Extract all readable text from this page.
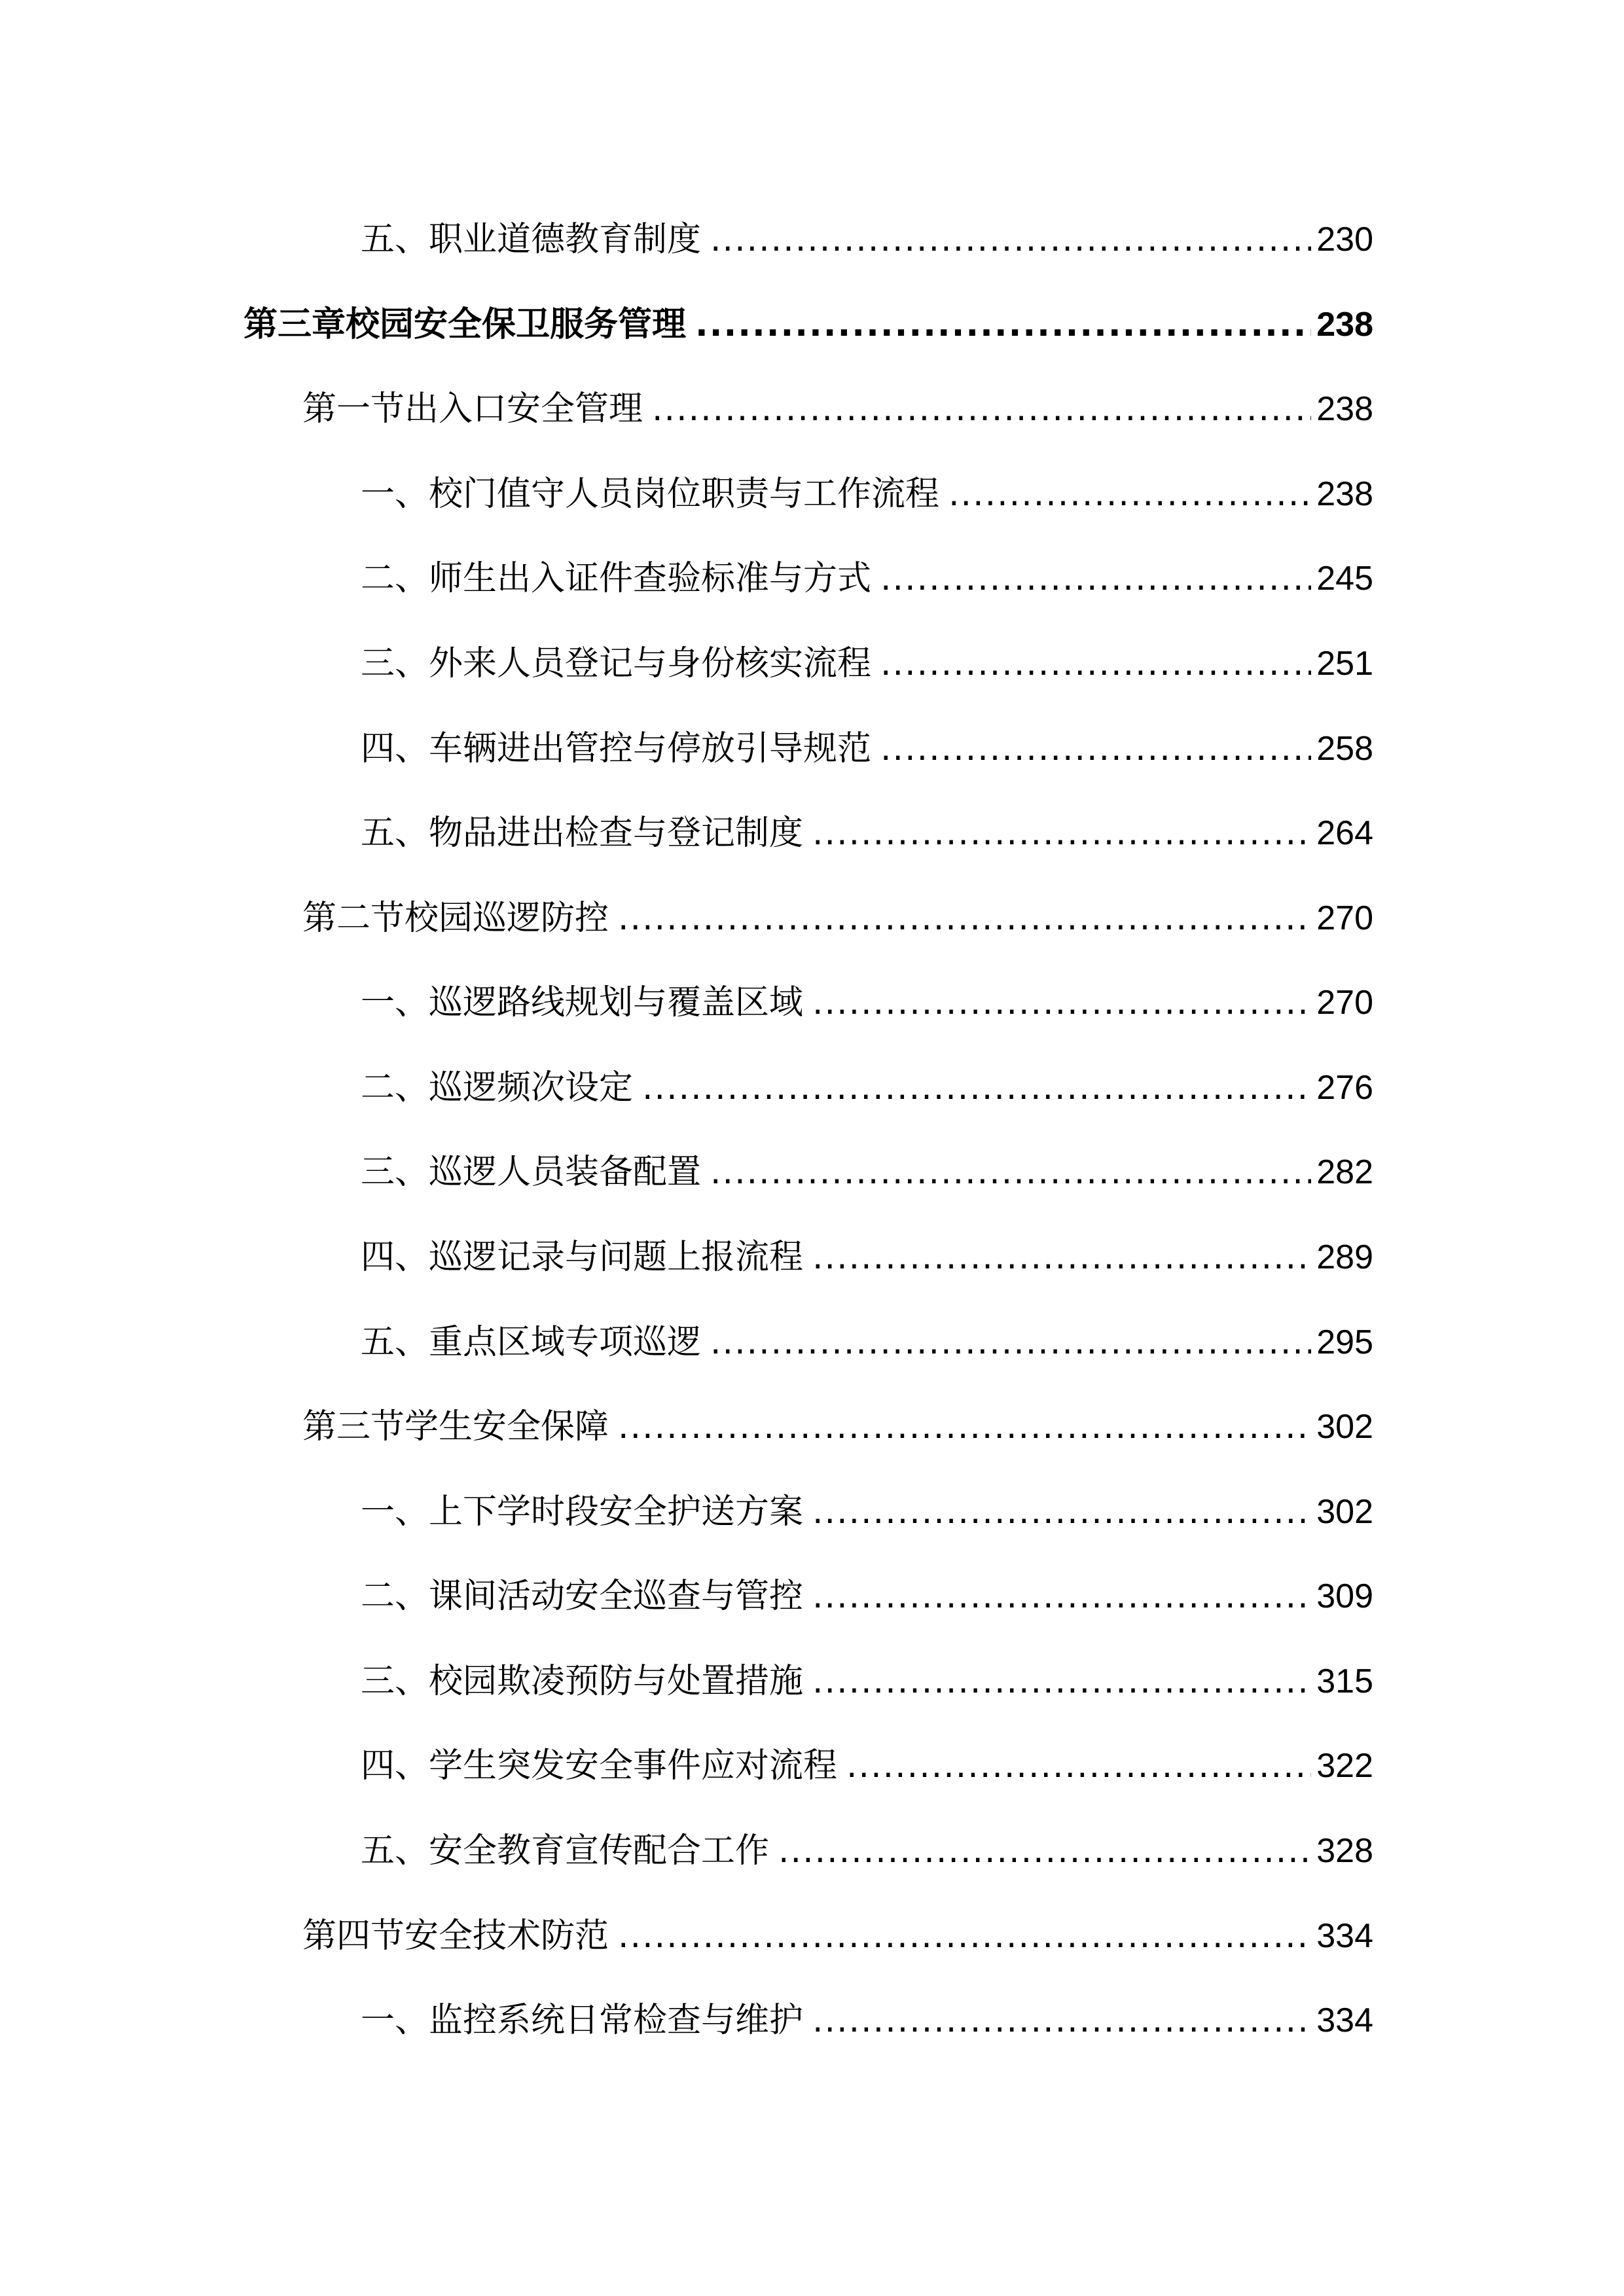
五、职业道德教育制度 .....	230
第三章校园安全保卫服务管理 .....	238
第一节出入口安全管理 .....	238
一、校门值守人员岗位职责与工作流程 .....	238
二、师生出入证件查验标准与方式 .....	245
三、外来人员登记与身份核实流程 .....	251
四、车辆进出管控与停放引导规范 .....	258
五、物品进出检查与登记制度 .....	264
第二节校园巡逻防控 .....	270
一、巡逻路线规划与覆盖区域 .....	270
二、巡逻频次设定 .....	276
三、巡逻人员装备配置 .....	282
四、巡逻记录与问题上报流程 .....	289
五、重点区域专项巡逻 .....	295
第三节学生安全保障 .....	302
一、上下学时段安全护送方案 .....	302
二、课间活动安全巡查与管控 .....	309
三、校园欺凌预防与处置措施 .....	315
四、学生突发安全事件应对流程 .....	322
五、安全教育宣传配合工作 .....	328
第四节安全技术防范 .....	334
一、监控系统日常检查与维护 .....	334
